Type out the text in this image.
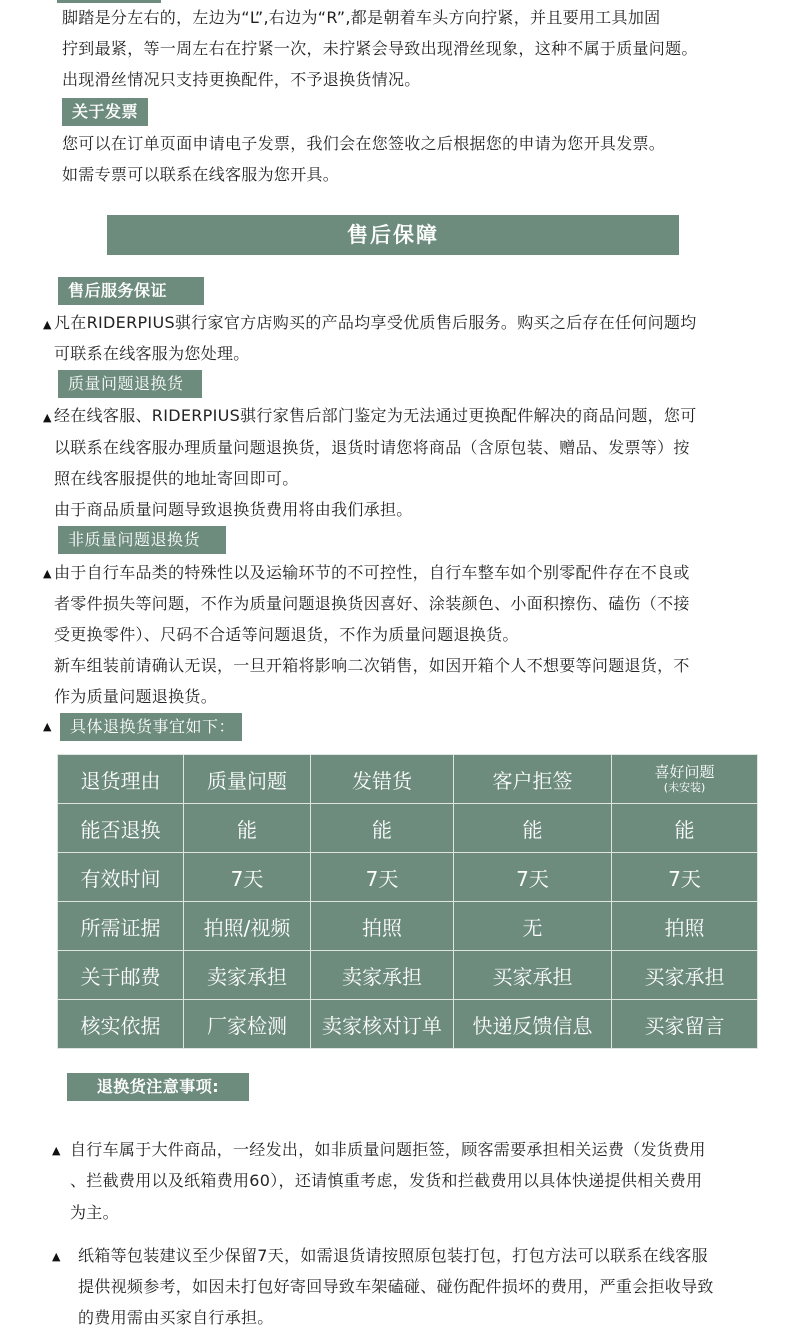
脚踏是分左右的，左边为“L”,右边为“R”,都是朝着车头方向拧紧，并且要用工具加固
拧到最紧，等一周左右在拧紧一次，未拧紧会导致出现滑丝现象，这种不属于质量问题。
出现滑丝情况只支持更换配件，不予退换货情况。
关于发票
您可以在订单页面申请电子发票，我们会在您签收之后根据您的申请为您开具发票。
如需专票可以联系在线客服为您开具。
售后保障
售后服务保证
▲ 凡在RIDERPIUS骐行家官方店购买的产品均享受优质售后服务。购买之后存在任何问题均
可联系在线客服为您处理。
质量问题退换货
▲ 经在线客服、RIDERPIUS骐行家售后部门鉴定为无法通过更换配件解决的商品问题，您可
以联系在线客服办理质量问题退换货，退货时请您将商品（含原包装、赠品、发票等）按
照在线客服提供的地址寄回即可。
由于商品质量问题导致退换货费用将由我们承担。
非质量问题退换货
▲ 由于自行车品类的特殊性以及运输环节的不可控性，自行车整车如个别零配件存在不良或
者零件损失等问题，不作为质量问题退换货因喜好、涂装颜色、小面积擦伤、磕伤（不接
受更换零件）、尺码不合适等问题退货，不作为质量问题退换货。
新车组装前请确认无误，一旦开箱将影响二次销售，如因开箱个人不想要等问题退货，不
作为质量问题退换货。
▲	具体退换货事宜如下：
退货理由	质量问题	发错货	客户拒签	喜好问题
(未安装)

能否退换	能	能	能	能
有效时间	7天	7天	7天	7天
所需证据	拍照/视频	拍照	无	拍照
关于邮费	卖家承担	卖家承担	买家承担	买家承担
核实依据	厂家检测	卖家核对订单	快递反馈信息	买家留言
退换货注意事项:
▲ 自行车属于大件商品，一经发出，如非质量问题拒签，顾客需要承担相关运费（发货费用
、拦截费用以及纸箱费用60），还请慎重考虑，发货和拦截费用以具体快递提供相关费用
为主。
▲ 纸箱等包装建议至少保留7天，如需退货请按照原包装打包，打包方法可以联系在线客服
提供视频参考，如因未打包好寄回导致车架磕碰、碰伤配件损坏的费用，严重会拒收导致
的费用需由买家自行承担。
